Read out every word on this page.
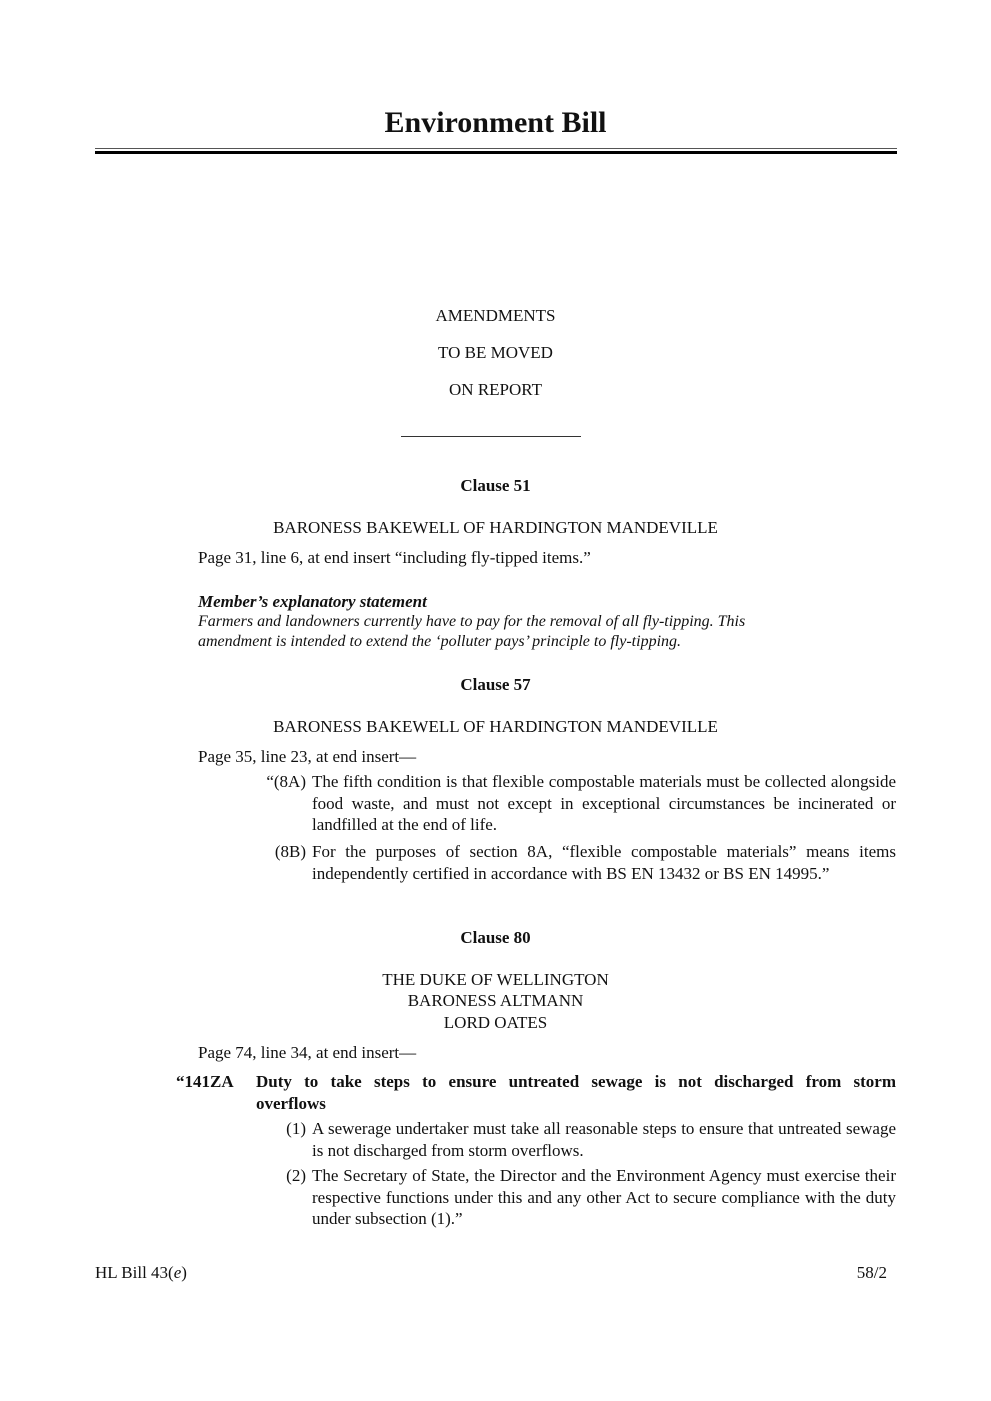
Environment Bill
AMENDMENTS
TO BE MOVED
ON REPORT
Clause 51
BARONESS BAKEWELL OF HARDINGTON MANDEVILLE
Page 31, line 6, at end insert “including fly-tipped items.”
Member’s explanatory statement
Farmers and landowners currently have to pay for the removal of all fly-tipping. This
amendment is intended to extend the ‘polluter pays’ principle to fly-tipping.
Clause 57
BARONESS BAKEWELL OF HARDINGTON MANDEVILLE
Page 35, line 23, at end insert—
“(8A) The fifth condition is that flexible compostable materials must be collected alongside food waste, and must not except in exceptional circumstances be incinerated or landfilled at the end of life.
(8B) For the purposes of section 8A, “flexible compostable materials” means items independently certified in accordance with BS EN 13432 or BS EN 14995.”
Clause 80
THE DUKE OF WELLINGTON
BARONESS ALTMANN
LORD OATES
Page 74, line 34, at end insert—
“141ZA Duty to take steps to ensure untreated sewage is not discharged from storm
overflows
(1) A sewerage undertaker must take all reasonable steps to ensure that untreated sewage is not discharged from storm overflows.
(2) The Secretary of State, the Director and the Environment Agency must exercise their respective functions under this and any other Act to secure compliance with the duty under subsection (1).”
HL Bill 43(e)	58/2
